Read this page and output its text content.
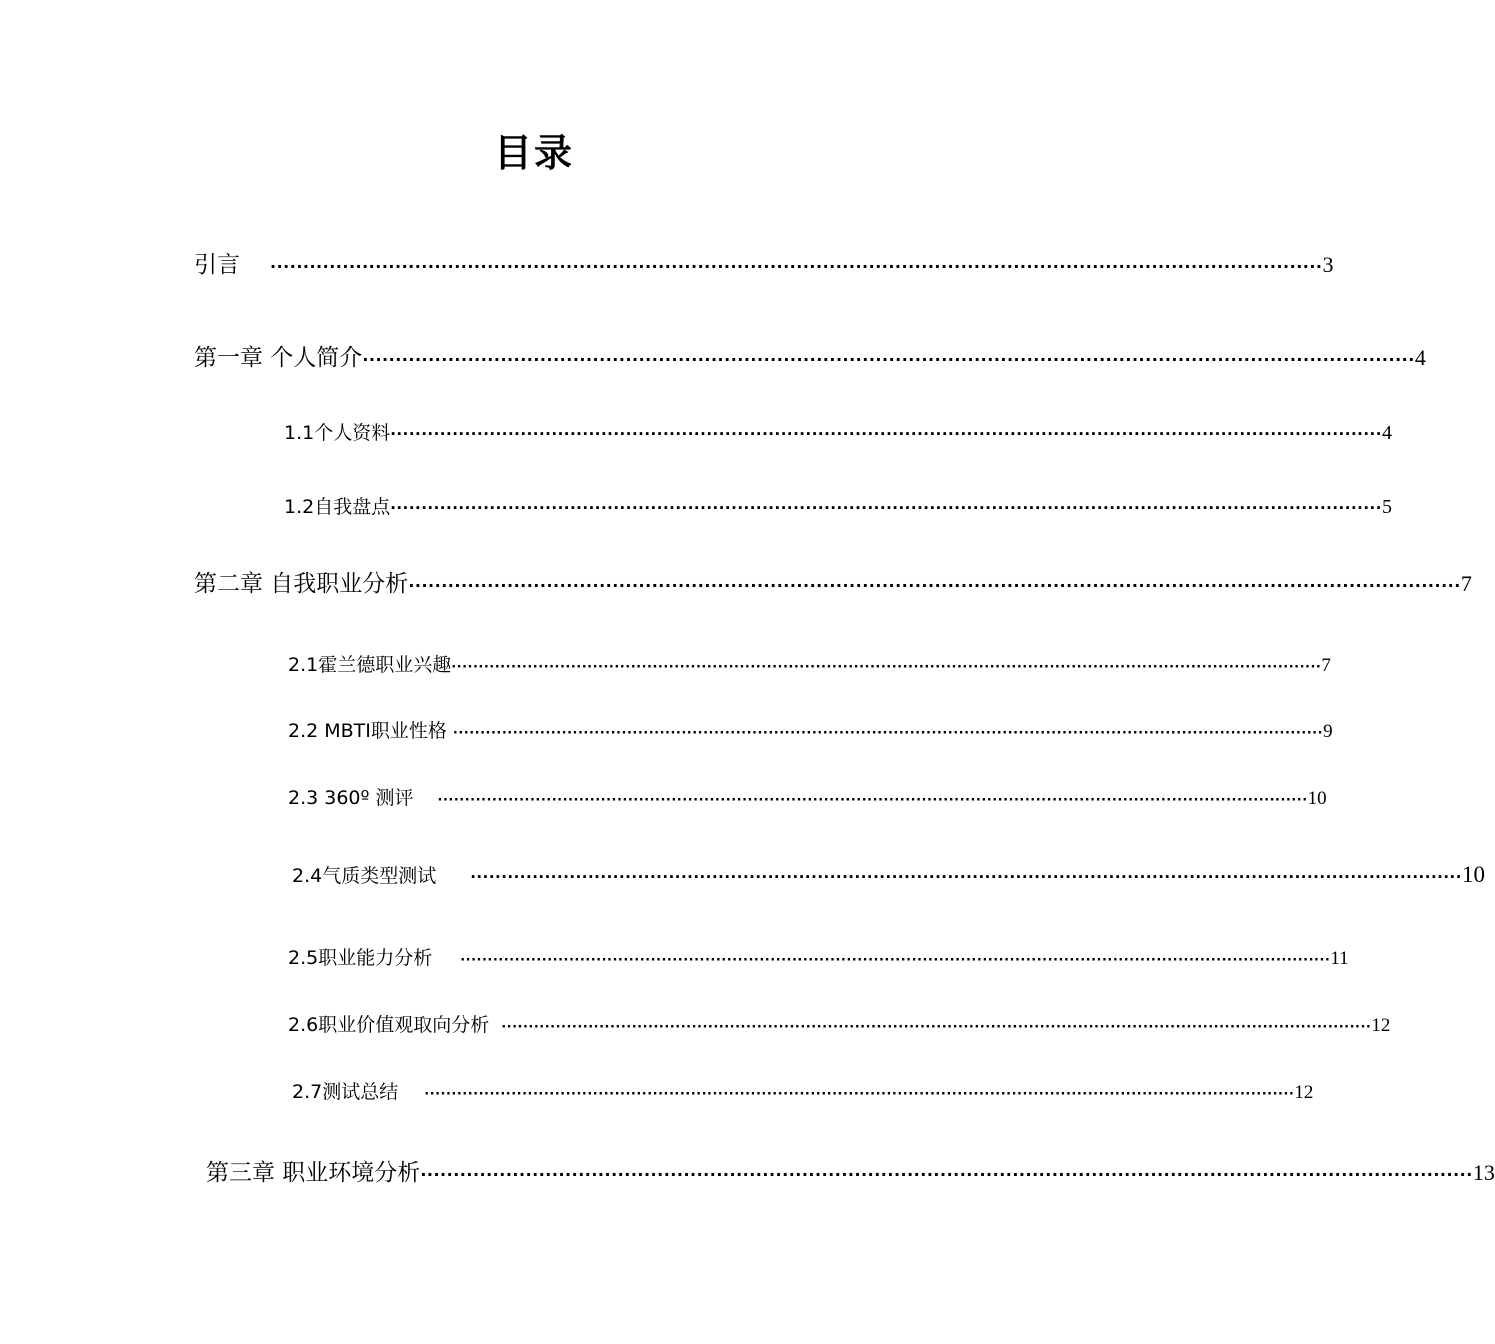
目录
引言 ································································································································································ 3
第一章 个人简介 ································································································································································ 4
1.1个人资料 ································································································································································ 4
1.2自我盘点 ································································································································································ 5
第二章 自我职业分析 ································································································································································ 7
2.1霍兰德职业兴趣 ································································································································································ 7
2.2 MBTI职业性格 ································································································································································ 9
2.3 360º 测评 ································································································································································ 10
2.4气质类型测试 ································································································································································ 10
2.5职业能力分析 ································································································································································ 11
2.6职业价值观取向分析 ································································································································································ 12
2.7测试总结 ································································································································································ 12
第三章 职业环境分析 ································································································································································ 13
